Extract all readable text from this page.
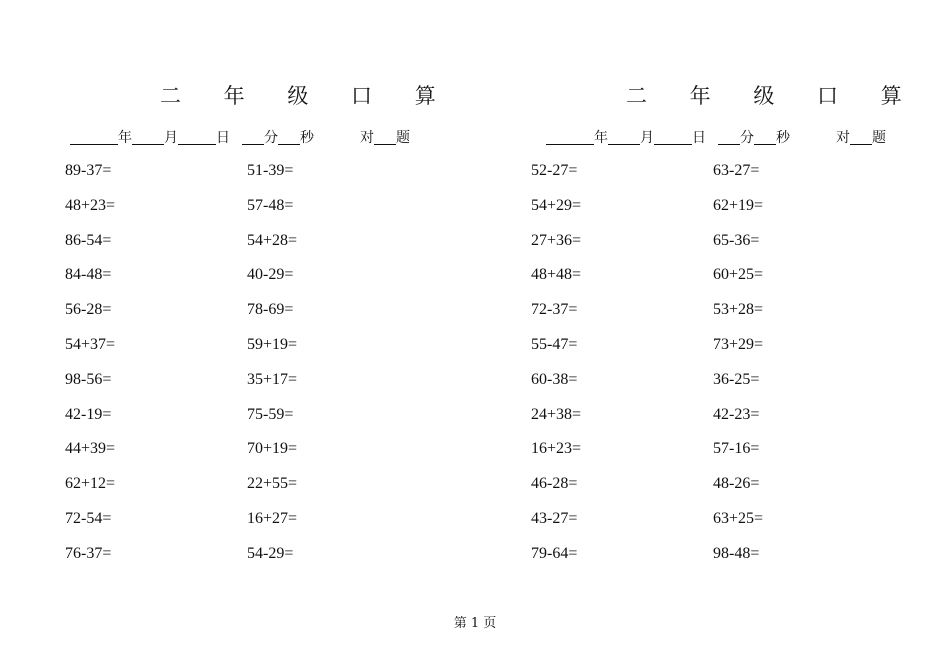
二 年 级 口 算
年 月	日 分 秒	对 题
89-37=	51-39=
48+23=	57-48=
86-54=	54+28=
84-48=	40-29=
56-28=	78-69=
54+37=	59+19=
98-56=	35+17=
42-19=	75-59=
44+39=	70+19=
62+12=	22+55=
72-54=	16+27=
76-37=	54-29=
二 年 级 口 算
年 月	日 分 秒	对 题
52-27=	63-27=
54+29=	62+19=
27+36=	65-36=
48+48=	60+25=
72-37=	53+28=
55-47=	73+29=
60-38=	36-25=
24+38=	42-23=
16+23=	57-16=
46-28=	48-26=
43-27=	63+25=
79-64=	98-48=
第 1 页
